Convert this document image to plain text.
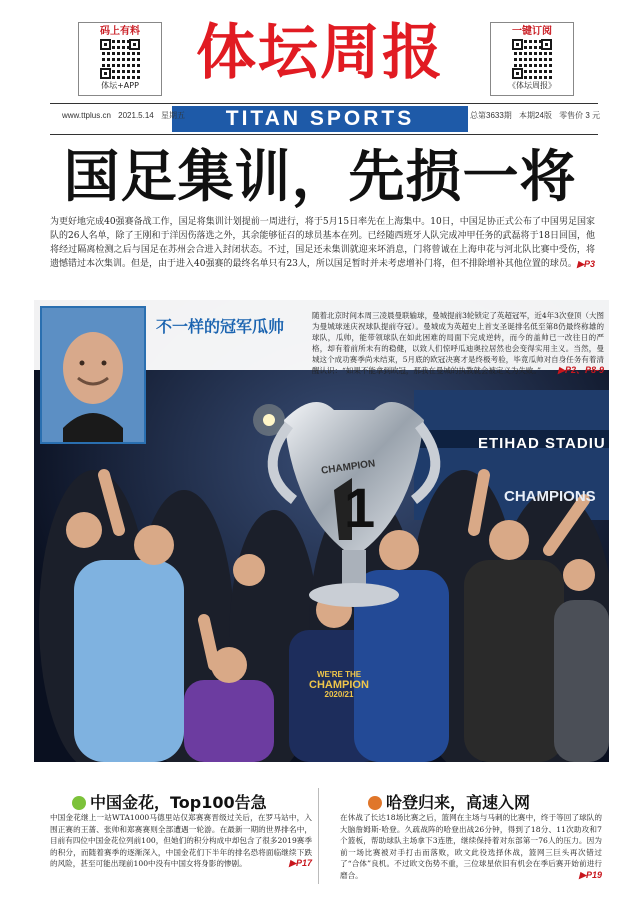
码上有料
体坛+APP
一键订阅
《体坛周报》
体坛周报
TITAN SPORTS
www.ttplus.cn 2021.5.14 星期五	总第3633期 本期24版 零售价 3 元
国足集训，先损一将
为更好地完成40强赛备战工作，国足将集训计划提前一周进行，将于5月15日率先在上海集中。10日，中国足协正式公布了中国男足国家队的26人名单，除了王刚和于洋因伤落选之外，其余能够征召的球员基本在列。已经随西班牙人队完成冲甲任务的武磊将于18日回国，他将经过隔离检测之后与国足在苏州会合进入封闭状态。不过，国足还未集训就迎来坏消息，门将曾诚在上海申花与河北队比赛中受伤，将遗憾错过本次集训。但是，由于进入40强赛的最终名单只有23人，所以国足暂时并未考虑增补门将，但不排除增补其他位置的球员。 ▶P3
ETIHAD STADIU
CHAMPIONS
CHAMPION
1
WE'RE THE
CHAMPION
2020/21
不一样的冠军瓜帅
随着北京时间本周三凌晨曼联输球，曼城提前3轮锁定了英超冠军，近4年3次登顶（大图为曼城球迷庆祝球队提前夺冠）。曼城成为英超史上首支圣诞排名低至第8仍最终称雄的球队，瓜帅，能带领球队在如此困难的局面下完成逆转，而今的盖帅已一改往日的严格，却有着前所未有的稳健，以致人们惊呼瓜迪奥拉居然也会变得实用主义。当然，曼城这个成功赛季尚未结束，5月底的欧冠决赛才是终极考验，毕竟瓜帅对自身任务有着清醒认识：“如果不能拿到欧冠，那我在曼城的执教就会被定义为失败。” ▶P2、P8-9
中国金花，Top100告急
中国金花继上一站WTA1000马德里站仅郑赛赛晋级过关后，在罗马站中，入围正赛的王蔷、张帅和郑赛赛则全部遭遇一轮游。在最新一期的世界排名中，目前有四位中国金花位列前100，但她们的积分构成中却包含了很多2019赛季的积分，而随着赛季的逐渐深入，中国金花们下半年的排名恐将面临继续下跌的风险，甚至可能出现前100中没有中国女将身影的惨剧。	▶P17
哈登归来，高速入网
在休战了长达18场比赛之后，篮网在主场与马刺的比赛中，终于等回了球队的大脑詹姆斯·哈登。久疏战阵的哈登出战26分钟，得到了18分、11次助攻和7个篮板，帮助球队主场拿下3连胜，继续保持着对东部第一76人的压力。因为前一场比赛被对手打击而落败，欧文此役选择休战，篮网三巨头再次错过了“合体”良机。不过欧文伤势不重，三位球星依旧有机会在季后赛开始前进行磨合。	▶P19
